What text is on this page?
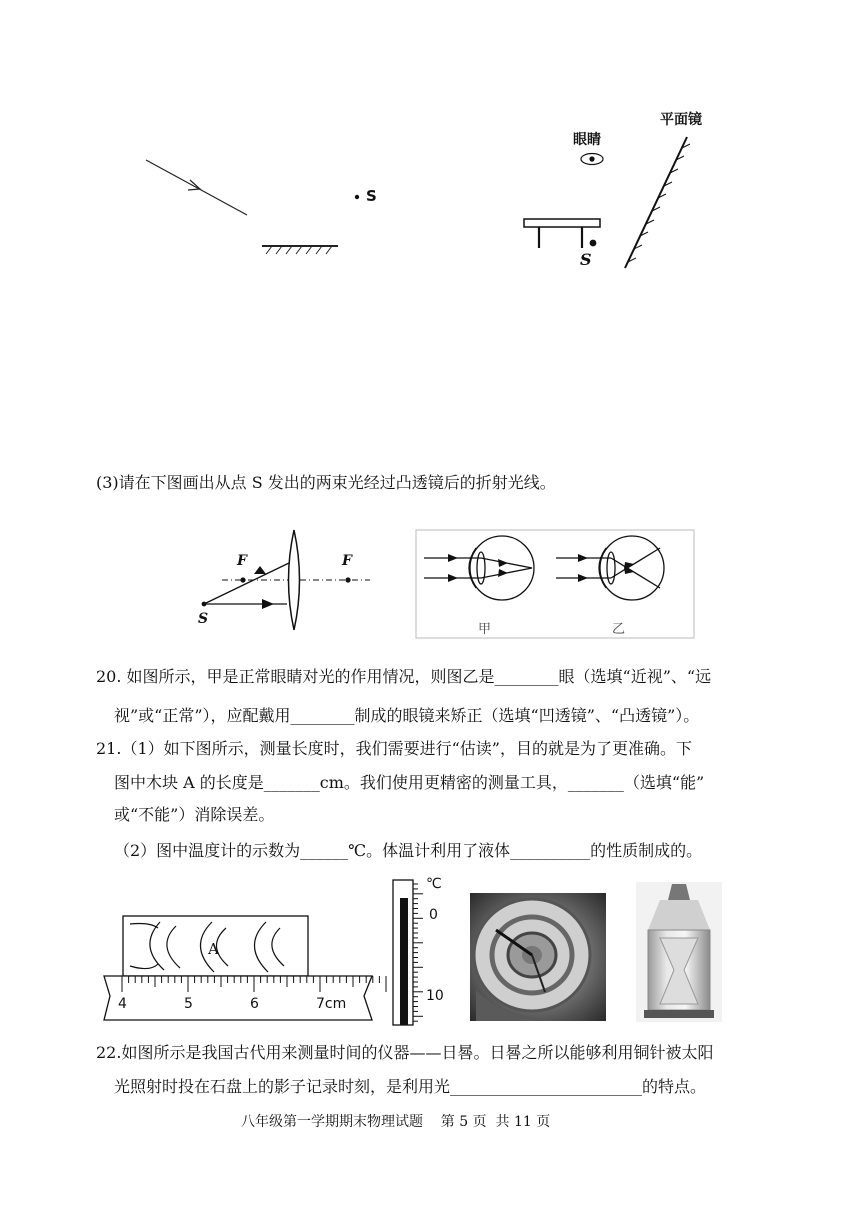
S
眼睛
平面镜
S
(3)请在下图画出从点 S 发出的两束光经过凸透镜后的折射光线。
F	F
S
甲	乙
20. 如图所示，甲是正常眼睛对光的作用情况，则图乙是________眼（选填“近视”、“远
视”或“正常”），应配戴用________制成的眼镜来矫正（选填“凹透镜”、“凸透镜”）。
21.（1）如下图所示，测量长度时，我们需要进行“估读”，目的就是为了更准确。下
图中木块 A 的长度是_______cm。我们使用更精密的测量工具，_______（选填“能”
或“不能”）消除误差。
（2）图中温度计的示数为______℃。体温计利用了液体__________的性质制成的。
A
4	5	6	7cm
℃
0
10
22.如图所示是我国古代用来测量时间的仪器——日晷。日晷之所以能够利用铜针被太阳
光照射时投在石盘上的影子记录时刻，是利用光________________________的特点。
八年级第一学期期末物理试题    第 5 页  共 11 页
